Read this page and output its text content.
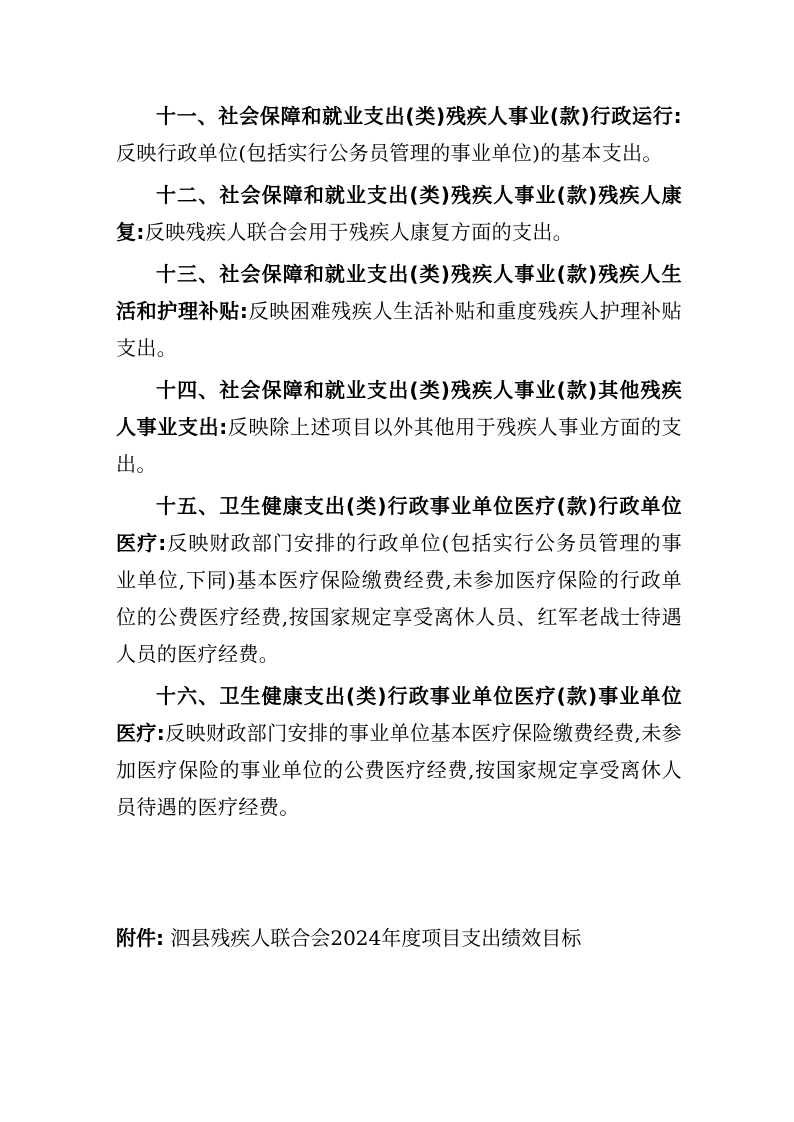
十一、社会保障和就业支出(类)残疾人事业(款)行政运行:反映行政单位(包括实行公务员管理的事业单位)的基本支出。

十二、社会保障和就业支出(类)残疾人事业(款)残疾人康复:反映残疾人联合会用于残疾人康复方面的支出。

十三、社会保障和就业支出(类)残疾人事业(款)残疾人生活和护理补贴:反映困难残疾人生活补贴和重度残疾人护理补贴支出。

十四、社会保障和就业支出(类)残疾人事业(款)其他残疾人事业支出:反映除上述项目以外其他用于残疾人事业方面的支出。

十五、卫生健康支出(类)行政事业单位医疗(款)行政单位医疗:反映财政部门安排的行政单位(包括实行公务员管理的事业单位,下同)基本医疗保险缴费经费,未参加医疗保险的行政单位的公费医疗经费,按国家规定享受离休人员、红军老战士待遇人员的医疗经费。

十六、卫生健康支出(类)行政事业单位医疗(款)事业单位医疗:反映财政部门安排的事业单位基本医疗保险缴费经费,未参加医疗保险的事业单位的公费医疗经费,按国家规定享受离休人员待遇的医疗经费。

附件: 泗县残疾人联合会2024年度项目支出绩效目标
